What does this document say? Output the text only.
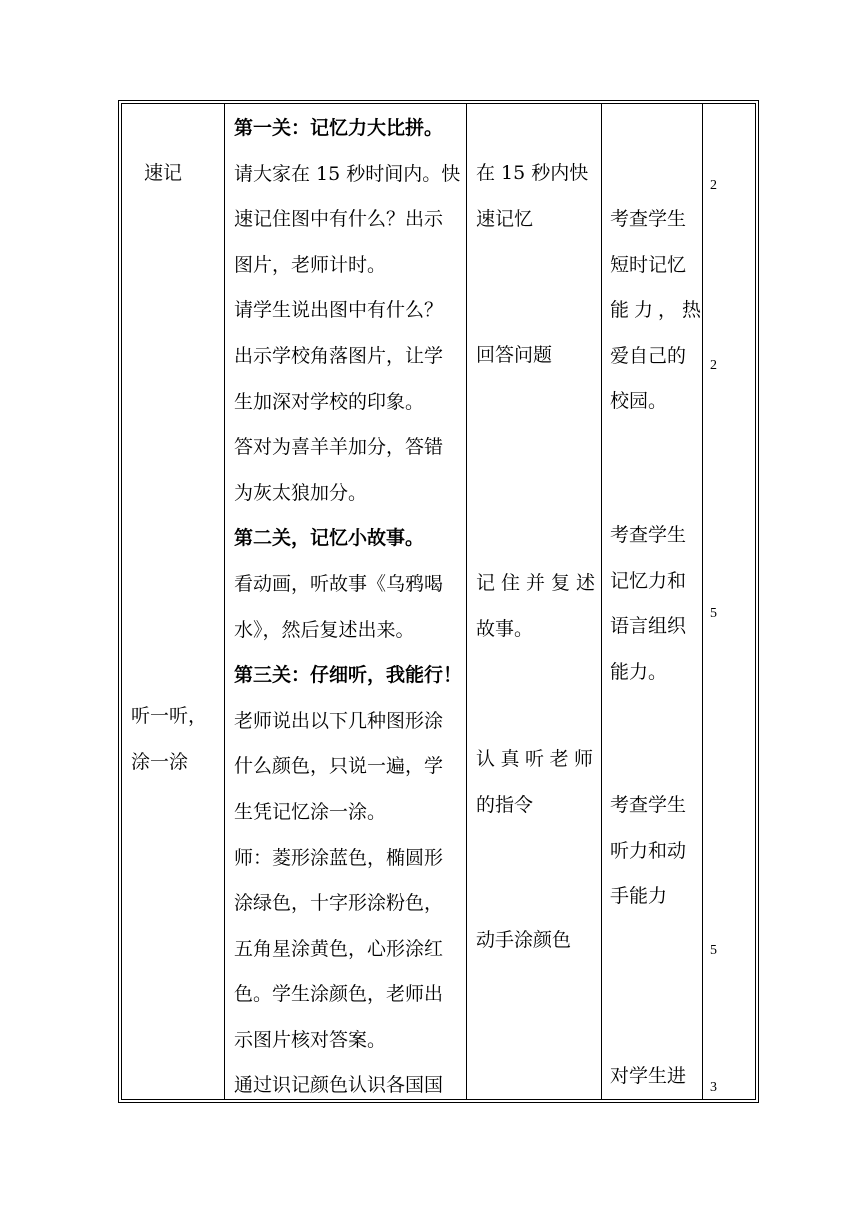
速记
听一听，
涂一涂
第一关：记忆力大比拼。
请大家在 15 秒时间内。快
速记住图中有什么？出示
图片，老师计时。
请学生说出图中有什么？
出示学校角落图片，让学
生加深对学校的印象。
答对为喜羊羊加分，答错
为灰太狼加分。
第二关，记忆小故事。
看动画，听故事《乌鸦喝
水》，然后复述出来。
第三关：仔细听，我能行！
老师说出以下几种图形涂
什么颜色，只说一遍，学
生凭记忆涂一涂。
师：菱形涂蓝色，椭圆形
涂绿色，十字形涂粉色，
五角星涂黄色，心形涂红
色。学生涂颜色，老师出
示图片核对答案。
通过识记颜色认识各国国
在 15 秒内快
速记忆
回答问题
记住并复述
故事。
认真听老师
的指令
动手涂颜色
考查学生
短时记忆
能力，热
爱自己的
校园。
考查学生
记忆力和
语言组织
能力。
考查学生
听力和动
手能力
对学生进
2
2
5
5
3
